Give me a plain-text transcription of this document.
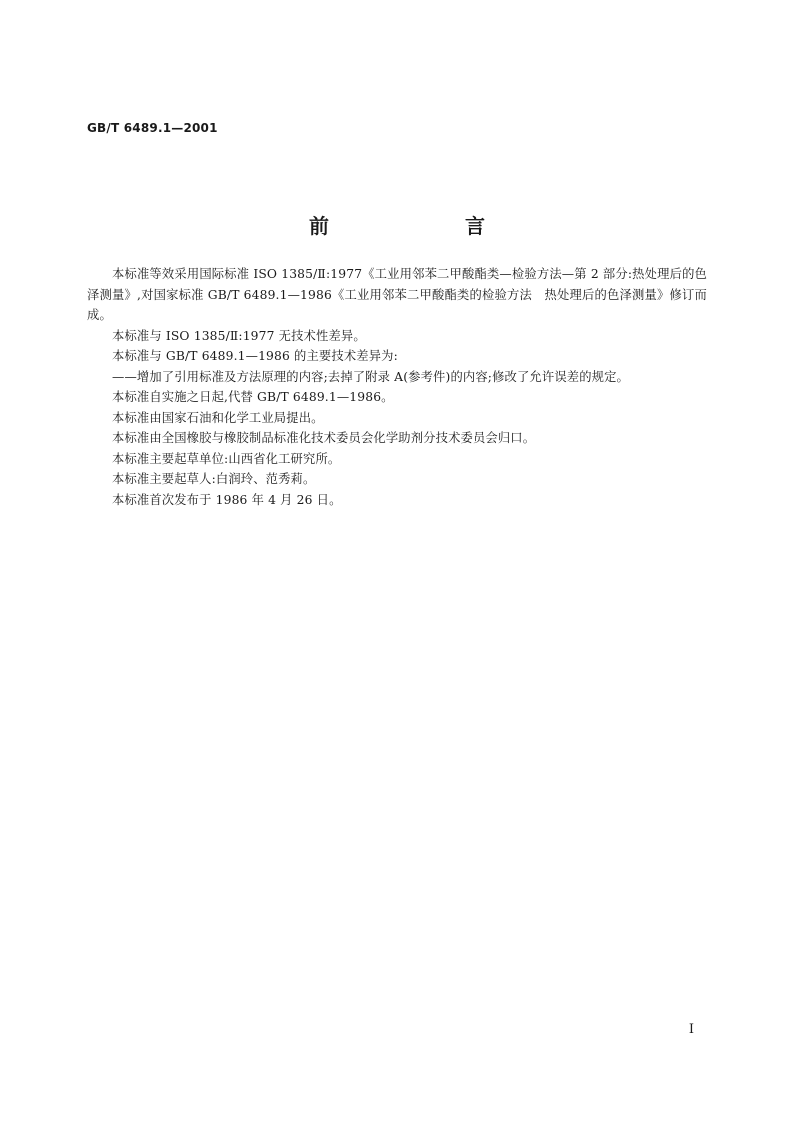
GB/T 6489.1—2001
前　言

本标准等效采用国际标准 ISO 1385/Ⅱ:1977《工业用邻苯二甲酸酯类—检验方法—第 2 部分:热处理后的色泽测量》,对国家标准 GB/T 6489.1—1986《工业用邻苯二甲酸酯类的检验方法　热处理后的色泽测量》修订而成。

本标准与 ISO 1385/Ⅱ:1977 无技术性差异。

本标准与 GB/T 6489.1—1986 的主要技术差异为:

——增加了引用标准及方法原理的内容;去掉了附录 A(参考件)的内容;修改了允许误差的规定。

本标准自实施之日起,代替 GB/T 6489.1—1986。

本标准由国家石油和化学工业局提出。

本标准由全国橡胶与橡胶制品标准化技术委员会化学助剂分技术委员会归口。

本标准主要起草单位:山西省化工研究所。

本标准主要起草人:白润玲、范秀莉。

本标准首次发布于 1986 年 4 月 26 日。

I
